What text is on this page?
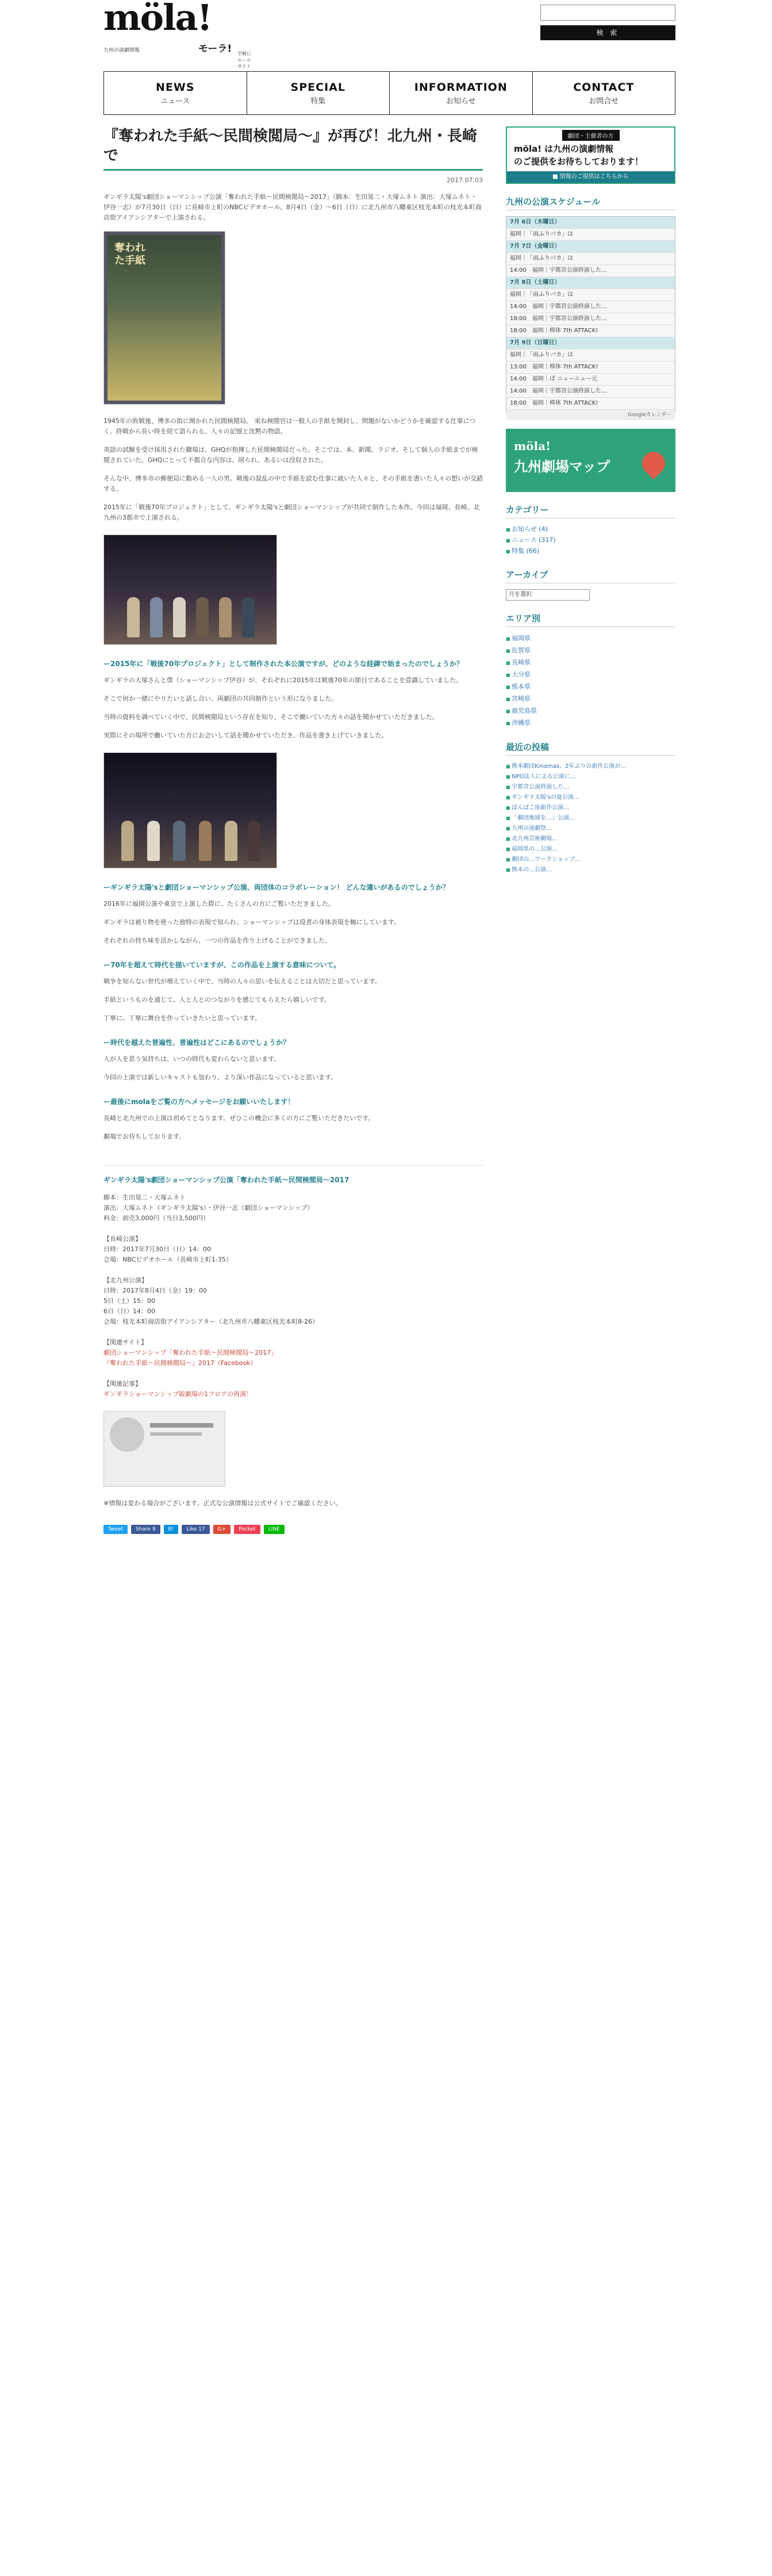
möla!
モーラ!
九州の演劇情報
手軽にエールサイト
検 索
NEWS
ニュース
SPECIAL
特集
INFORMATION
お知らせ
CONTACT
お問合せ
『奪われた手紙〜民間検閲局〜』が再び！北九州・長崎で
2017.07.03

ギンギラ太陽's劇団ショーマンシップ公演「奪われた手紙〜民間検閲局〜2017」（脚本：生田晃二・大塚ムネト 演出：大塚ムネト・伊谷一志）が7月30日（日）に長崎市上町のNBCビデオホール、8月4日（金）〜6日（日）に北九州市八幡東区枝光本町の枝光本町商店街アイアンシアターで上演される。

奪われた手紙

1945年の敗戦後、博多の街に開かれた民間検閲局。 束ね検閲官は一般人の手紙を開封し、問題がないかどうかを確認する仕事につく。終戦から長い時を経て語られる、人々の記憶と沈黙の物語。

英語の試験を受け採用された職場は、GHQが指揮した民間検閲局だった。そこでは、本、新聞、ラジオ、そして個人の手紙までが検閲されていた。GHQにとって不都合な内容は、削られ、あるいは没収された。

そんな中、博多市の郵便局に勤める一人の男。戦後の混乱の中で手紙を読む仕事に就いた人々と、その手紙を書いた人々の想いが交錯する。

2015年に「戦後70年プロジェクト」として、ギンギラ太陽'sと劇団ショーマンシップが共同で制作した本作。今回は福岡、長崎、北九州の3都市で上演される。

ー2015年に「戦後70年プロジェクト」として制作された本公演ですが、どのような経緯で始まったのでしょうか？

ギンギラの大塚さんと僕（ショーマンシップ伊谷）が、それぞれに2015年は戦後70年の節目であることを意識していました。

そこで何か一緒にやりたいと話し合い、両劇団の共同制作という形になりました。

当時の資料を調べていく中で、民間検閲局という存在を知り、そこで働いていた方々の話を聞かせていただきました。

実際にその場所で働いていた方にお会いして話を聞かせていただき、作品を書き上げていきました。

ーギンギラ太陽'sと劇団ショーマンシップ公演、両団体のコラボレーション！ どんな違いがあるのでしょうか？

2016年に福岡公演や東京で上演した際に、たくさんの方にご覧いただきました。

ギンギラは被り物を使った独特の表現で知られ、ショーマンシップは役者の身体表現を軸にしています。

それぞれの持ち味を活かしながら、一つの作品を作り上げることができました。

ー70年を超えて時代を描いていますが、この作品を上演する意味について。

戦争を知らない世代が増えていく中で、当時の人々の思いを伝えることは大切だと思っています。

手紙というものを通じて、人と人とのつながりを感じてもらえたら嬉しいです。

丁寧に、丁寧に舞台を作っていきたいと思っています。

ー時代を越えた普遍性、普遍性はどこにあるのでしょうか？

人が人を思う気持ちは、いつの時代も変わらないと思います。

今回の上演では新しいキャストも加わり、より深い作品になっていると思います。

ー最後にmolaをご覧の方へメッセージをお願いいたします！

長崎と北九州での上演は初めてとなります。ぜひこの機会に多くの方にご覧いただきたいです。

劇場でお待ちしております。

ギンギラ太陽's劇団ショーマンシップ公演「奪われた手紙〜民間検閲局〜2017
脚本：生田晃二・大塚ムネト
演出：大塚ムネト（ギンギラ太陽's）・伊谷一志（劇団ショーマンシップ）
料金：前売3,000円（当日3,500円）

【長崎公演】
日時：2017年7月30日（日）14：00
会場：NBCビデオホール（長崎市上町1-35）

【北九州公演】
日時：2017年8月4日（金）19：00
5日（土）15：00
6日（日）14：00
会場：枝光本町商店街アイアンシアター（北九州市八幡東区枝光本町8-26）

【関連サイト】
劇団ショーマンシップ「奪われた手紙〜民間検閲局〜2017」
『奪われた手紙〜民間検閲局〜』2017（Facebook）
【関連記事】
ギンギラショーマンシップ版劇場の1フロアの再演！
※情報は変わる場合がございます。正式な公演情報は公式サイトでご確認ください。
Tweet	Share 9	B!	Like 17	G+	Pocket	LINE
劇団・主催者の方
möla! は九州の演劇情報
のご提供をお待ちしております！
■ 情報のご提供はこちらから
九州の公演スケジュール
7月 6日（木曜日）
福岡｜「雨ふりバカ」は
7月 7日（金曜日）
福岡｜「雨ふりバカ」は
14:00　福岡｜宇都宮公演終演した…
7月 8日（土曜日）
福岡｜「雨ふりバカ」は
14:00　福岡｜宇都宮公演終演した…
18:00　福岡｜宇都宮公演終演した…
18:00　福岡｜棒体 7th ATTACK!
7月 9日（日曜日）
福岡｜「雨ふりバカ」は
13:00　福岡｜棒体 7th ATTACK!
14:00　福岡｜ぱ ニューニュー元
14:00　福岡｜宇都宮公演終演した…
18:00　福岡｜棒体 7th ATTACK!
Googleカレンダー
möla!
九州劇場マップ
カテゴリー
■ お知らせ (4)
■ ニュース (317)
■ 特集 (66)
アーカイブ
月を選択
エリア別
■ 福岡県
■ 佐賀県
■ 長崎県
■ 大分県
■ 熊本県
■ 宮崎県
■ 鹿児島県
■ 沖縄県
最近の投稿
■ 熊本劇団Kinamas、2年ぶりの新作公演が…
■ NPO法人による公演に…
■ 宇都宮公演終演した…
■ ギンギラ太陽'sの夏公演…
■ ぽんぽこ座新作公演…
■ 「劇団地球を…」公演…
■ 九州の演劇祭…
■ 北九州芸術劇場…
■ 福岡県の…公演…
■ 劇団の…ワークショップ…
■ 熊本の…公演…
